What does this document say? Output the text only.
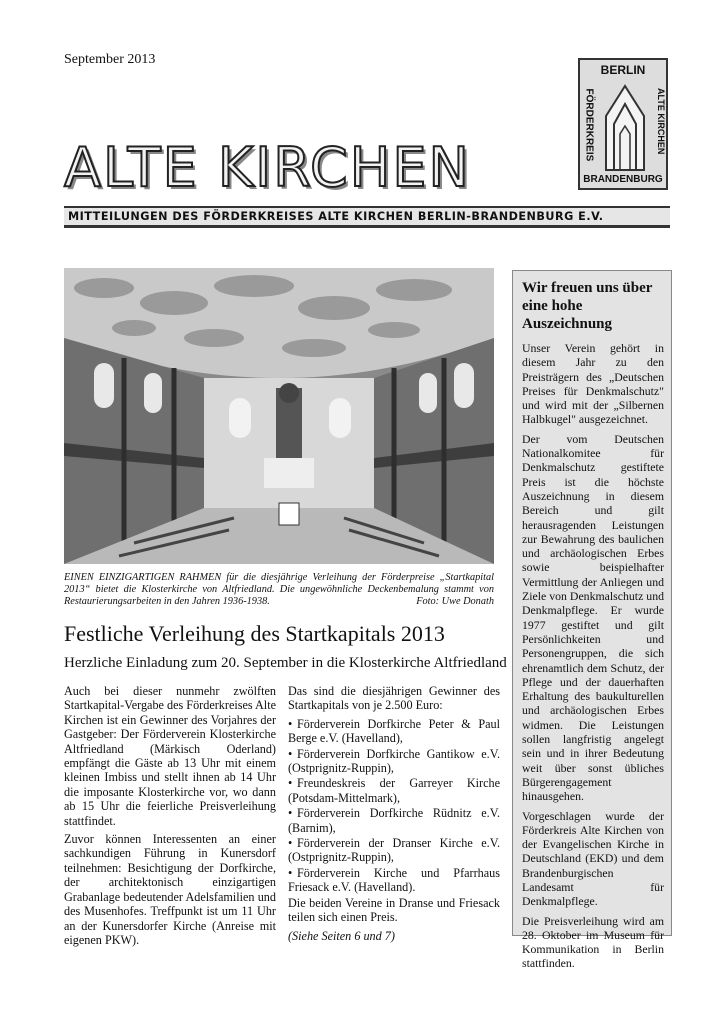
September 2013
ALTE KIRCHEN
BERLIN
FÖRDERKREIS	ALTE KIRCHEN
BRANDENBURG
MITTEILUNGEN DES FÖRDERKREISES ALTE KIRCHEN BERLIN-BRANDENBURG E.V.
EINEN EINZIGARTIGEN RAHMEN für die diesjährige Verleihung der Förderpreise „Startkapital 2013“ bietet die Klosterkirche von Altfriedland. Die ungewöhnliche Deckenbemalung stammt von Restaurierungsarbeiten in den Jahren 1936-1938.	Foto: Uwe Donath
Festliche Verleihung des Startkapitals 2013
Herzliche Einladung zum 20. September in die Klosterkirche Altfriedland

Auch bei dieser nunmehr zwölften Startkapital-Vergabe des Förderkreises Alte Kirchen ist ein Gewinner des Vorjahres der Gastgeber: Der Förderverein Klosterkirche Altfriedland (Märkisch Oderland) empfängt die Gäste ab 13 Uhr mit einem kleinen Imbiss und stellt ihnen ab 14 Uhr die imposante Klosterkirche vor, wo dann ab 15 Uhr die feierliche Preisverleihung stattfindet.

Zuvor können Interessenten an einer sachkundigen Führung in Kunersdorf teilnehmen: Besichtigung der Dorfkirche, der architektonisch einzigartigen Grabanlage bedeutender Adelsfamilien und des Musenhofes. Treffpunkt ist um 11 Uhr an der Kunersdorfer Kirche (Anreise mit eigenen PKW).

Das sind die diesjährigen Gewinner des Startkapitals von je 2.500 Euro:

• Förderverein Dorfkirche Peter & Paul Berge e.V. (Havelland),
• Förderverein Dorfkirche Gantikow e.V. (Ostprignitz-Ruppin),
• Freundeskreis der Garreyer Kirche (Potsdam-Mittelmark),
• Förderverein Dorfkirche Rüdnitz e.V. (Barnim),
• Förderverein der Dranser Kirche e.V. (Ostprignitz-Ruppin),
• Förderverein Kirche und Pfarrhaus Friesack e.V. (Havelland).

Die beiden Vereine in Dranse und Friesack teilen sich einen Preis.

(Siehe Seiten 6 und 7)

Wir freuen uns über eine hohe Auszeichnung

Unser Verein gehört in diesem Jahr zu den Preisträgern des „Deutschen Preises für Denkmalschutz" und wird mit der „Silbernen Halbkugel" ausgezeichnet.

Der vom Deutschen Nationalkomitee für Denkmalschutz gestiftete Preis ist die höchste Auszeichnung in diesem Bereich und gilt herausragenden Leistungen zur Bewahrung des baulichen und archäologischen Erbes sowie beispielhafter Vermittlung der Anliegen und Ziele von Denkmalschutz und Denkmalpflege. Er wurde 1977 gestiftet und gilt Persönlichkeiten und Personengruppen, die sich ehrenamtlich dem Schutz, der Pflege und der dauerhaften Erhaltung des baukulturellen und archäologischen Erbes widmen. Die Leistungen sollen langfristig angelegt sein und in ihrer Bedeutung weit über sonst übliches Bürgerengagement hinausgehen.

Vorgeschlagen wurde der Förderkreis Alte Kirchen von der Evangelischen Kirche in Deutschland (EKD) und dem Brandenburgischen Landesamt für Denkmalpflege.

Die Preisverleihung wird am 28. Oktober im Museum für Kommunikation in Berlin stattfinden.
